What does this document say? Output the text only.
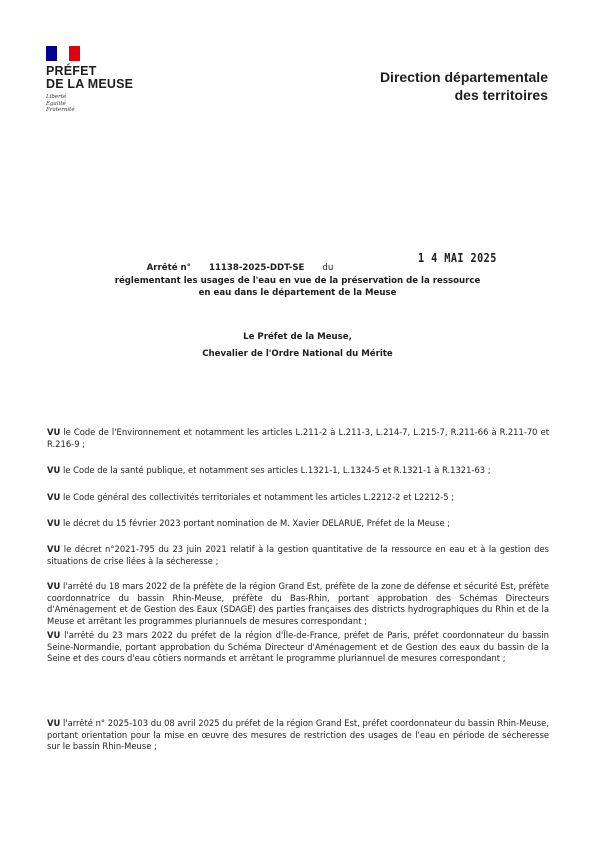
PRÉFET
DE LA MEUSE
Liberté
Égalité
Fraternité
Direction départementale
des territoires
1 4 MAI 2025
Arrêté n° 11138-2025-DDT-SE du
réglementant les usages de l'eau en vue de la préservation de la ressource
en eau dans le département de la Meuse
Le Préfet de la Meuse,
Chevalier de l'Ordre National du Mérite
VU le Code de l'Environnement et notamment les articles L.211-2 à L.211-3, L.214-7, L.215-7, R.211-66 à R.211-70 et R.216-9 ;
VU le Code de la santé publique, et notamment ses articles L.1321-1, L.1324-5 et R.1321-1 à R.1321-63 ;
VU le Code général des collectivités territoriales et notamment les articles L.2212-2 et L2212-5 ;
VU le décret du 15 février 2023 portant nomination de M. Xavier DELARUE, Préfet de la Meuse ;
VU le décret n°2021-795 du 23 juin 2021 relatif à la gestion quantitative de la ressource en eau et à la gestion des situations de crise liées à la sécheresse ;
VU l'arrêté du 18 mars 2022 de la préfète de la région Grand Est, préfète de la zone de défense et sécurité Est, préfète coordonnatrice du bassin Rhin-Meuse, préfète du Bas-Rhin, portant approbation des Schémas Directeurs d'Aménagement et de Gestion des Eaux (SDAGE) des parties françaises des districts hydrographiques du Rhin et de la Meuse et arrêtant les programmes pluriannuels de mesures correspondant ;
VU l'arrêté du 23 mars 2022 du préfet de la région d'Île-de-France, préfet de Paris, préfet coordonnateur du bassin Seine-Normandie, portant approbation du Schéma Directeur d'Aménagement et de Gestion des eaux du bassin de la Seine et des cours d'eau côtiers normands et arrêtant le programme pluriannuel de mesures correspondant ;
VU l'arrêté n° 2025-103 du 08 avril 2025 du préfet de la région Grand Est, préfet coordonnateur du bassin Rhin-Meuse, portant orientation pour la mise en œuvre des mesures de restriction des usages de l'eau en période de sécheresse sur le bassin Rhin-Meuse ;
